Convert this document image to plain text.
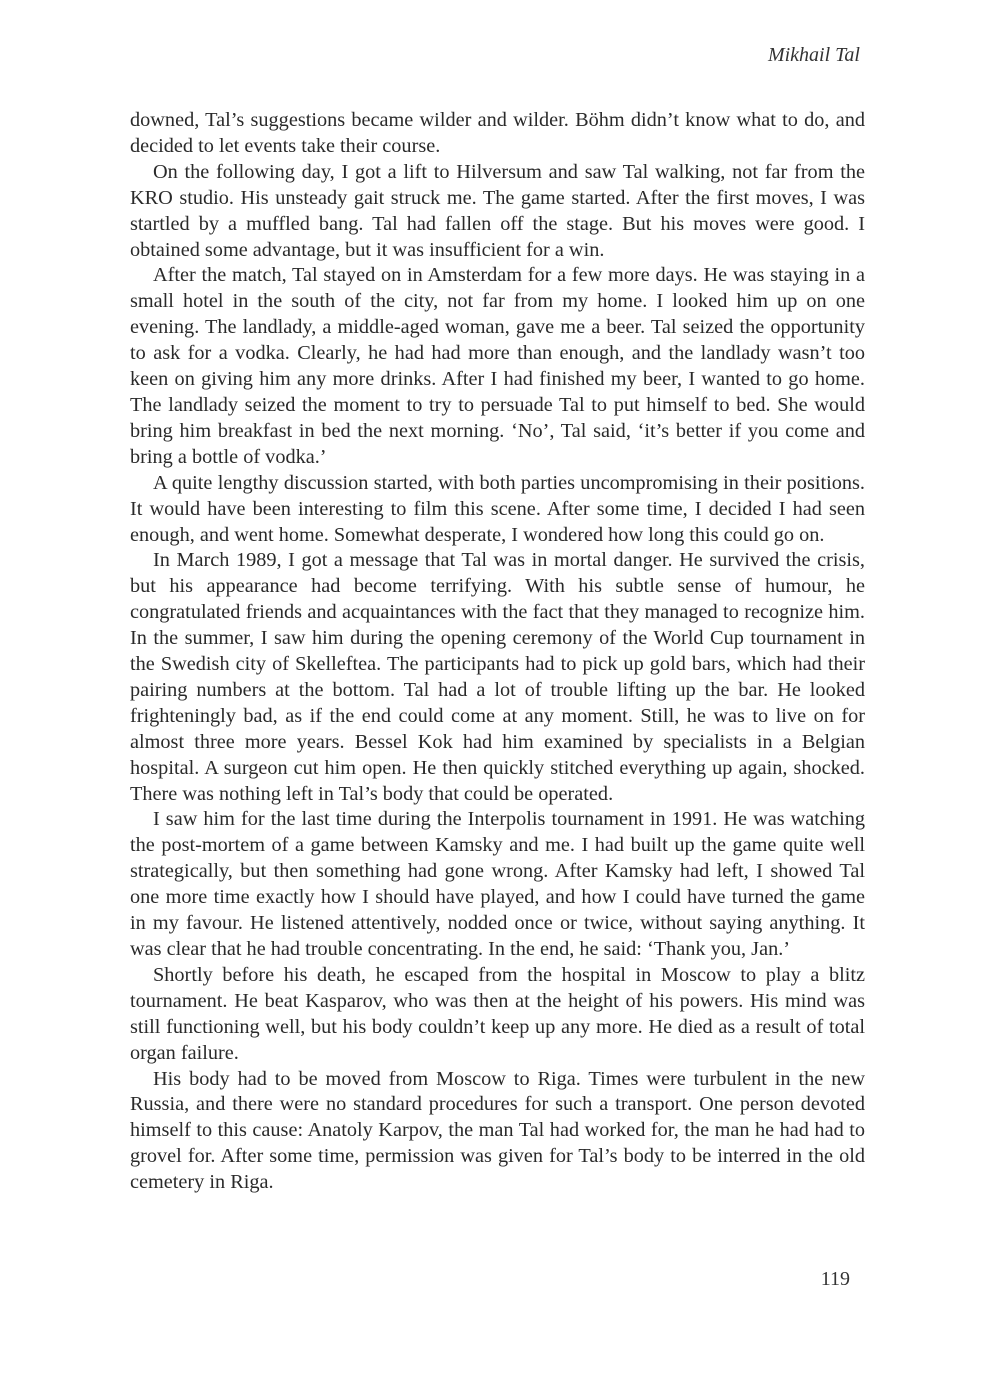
Mikhail Tal

downed, Tal’s suggestions became wilder and wilder. Böhm didn’t know what to do, and decided to let events take their course.

On the following day, I got a lift to Hilversum and saw Tal walking, not far from the KRO studio. His unsteady gait struck me. The game started. After the first moves, I was startled by a muffled bang. Tal had fallen off the stage. But his moves were good. I obtained some advantage, but it was insufficient for a win.

After the match, Tal stayed on in Amsterdam for a few more days. He was staying in a small hotel in the south of the city, not far from my home. I looked him up on one evening. The landlady, a middle-aged woman, gave me a beer. Tal seized the opportunity to ask for a vodka. Clearly, he had had more than enough, and the landlady wasn’t too keen on giving him any more drinks. After I had finished my beer, I wanted to go home. The landlady seized the moment to try to persuade Tal to put himself to bed. She would bring him breakfast in bed the next morning. ‘No’, Tal said, ‘it’s better if you come and bring a bottle of vodka.’

A quite lengthy discussion started, with both parties uncompromising in their positions. It would have been interesting to film this scene. After some time, I decided I had seen enough, and went home. Somewhat desperate, I wondered how long this could go on.

In March 1989, I got a message that Tal was in mortal danger. He survived the crisis, but his appearance had become terrifying. With his subtle sense of humour, he congratulated friends and acquaintances with the fact that they managed to recognize him. In the summer, I saw him during the opening ceremony of the World Cup tournament in the Swedish city of Skelleftea. The participants had to pick up gold bars, which had their pairing numbers at the bottom. Tal had a lot of trouble lifting up the bar. He looked frighteningly bad, as if the end could come at any moment. Still, he was to live on for almost three more years. Bessel Kok had him examined by specialists in a Belgian hospital. A surgeon cut him open. He then quickly stitched everything up again, shocked. There was nothing left in Tal’s body that could be operated.

I saw him for the last time during the Interpolis tournament in 1991. He was watching the post-mortem of a game between Kamsky and me. I had built up the game quite well strategically, but then something had gone wrong. After Kamsky had left, I showed Tal one more time exactly how I should have played, and how I could have turned the game in my favour. He listened attentively, nodded once or twice, without saying anything. It was clear that he had trouble concentrating. In the end, he said: ‘Thank you, Jan.’

Shortly before his death, he escaped from the hospital in Moscow to play a blitz tournament. He beat Kasparov, who was then at the height of his powers. His mind was still functioning well, but his body couldn’t keep up any more. He died as a result of total organ failure.

His body had to be moved from Moscow to Riga. Times were turbulent in the new Russia, and there were no standard procedures for such a transport. One person devoted himself to this cause: Anatoly Karpov, the man Tal had worked for, the man he had had to grovel for. After some time, permission was given for Tal’s body to be interred in the old cemetery in Riga.

119
